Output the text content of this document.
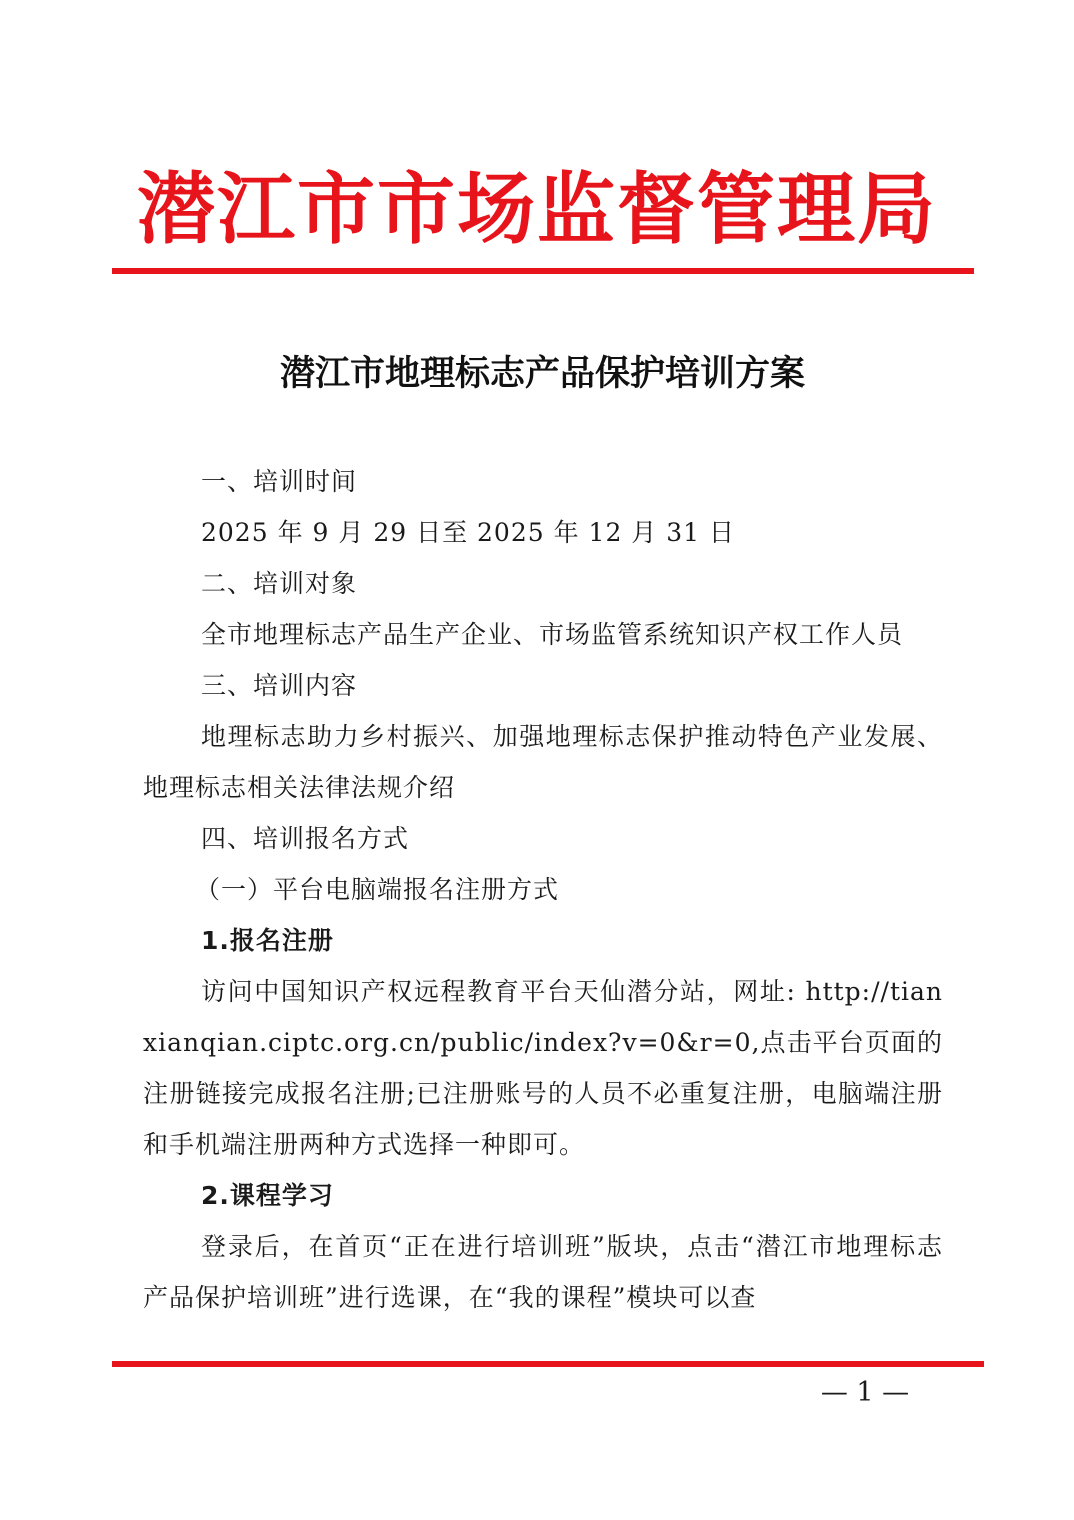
潜江市市场监督管理局
潜江市地理标志产品保护培训方案

一、培训时间

2025 年 9 月 29 日至 2025 年 12 月 31 日

二、培训对象

全市地理标志产品生产企业、市场监管系统知识产权工作人员

三、培训内容

地理标志助力乡村振兴、加强地理标志保护推动特色产业发展、地理标志相关法律法规介绍

四、培训报名方式

（一）平台电脑端报名注册方式

1.报名注册

访问中国知识产权远程教育平台天仙潜分站，网址: http://tianxianqian.ciptc.org.cn/public/index?v=0&r=0,点击平台页面的注册链接完成报名注册;已注册账号的人员不必重复注册，电脑端注册和手机端注册两种方式选择一种即可。

2.课程学习

登录后，在首页“正在进行培训班”版块，点击“潜江市地理标志产品保护培训班”进行选课，在“我的课程”模块可以查

— 1 —
